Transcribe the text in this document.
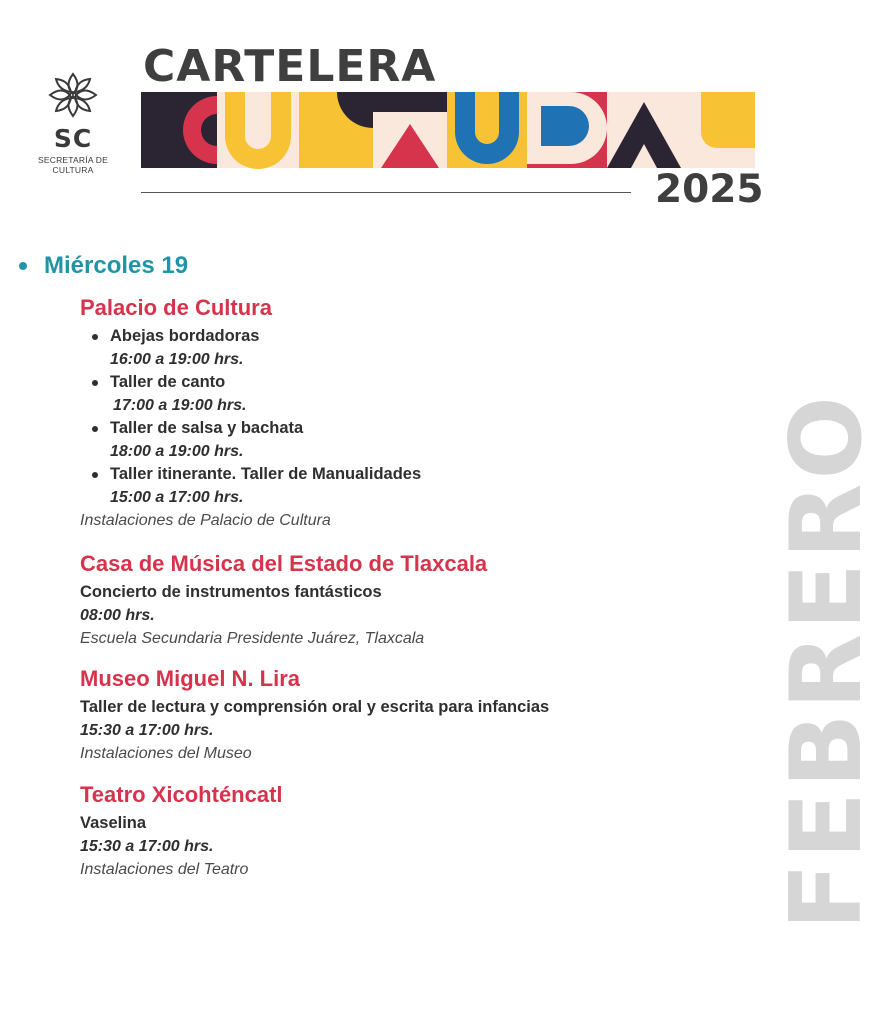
SC
SECRETARÍA DE
CULTURA
CARTELERA
2025
FEBRERO
Miércoles 19
Palacio de Cultura
Abejas bordadoras
16:00 a 19:00 hrs.
Taller de canto
17:00 a 19:00 hrs.
Taller de salsa y bachata
18:00 a 19:00 hrs.
Taller itinerante. Taller de Manualidades
15:00 a 17:00 hrs.
Instalaciones de Palacio de Cultura
Casa de Música del Estado de Tlaxcala
Concierto de instrumentos fantásticos
08:00 hrs.
Escuela Secundaria Presidente Juárez, Tlaxcala
Museo Miguel N. Lira
Taller de lectura y comprensión oral y escrita para infancias
15:30 a 17:00 hrs.
Instalaciones del Museo
Teatro Xicohténcatl
Vaselina
15:30 a 17:00 hrs.
Instalaciones del Teatro
